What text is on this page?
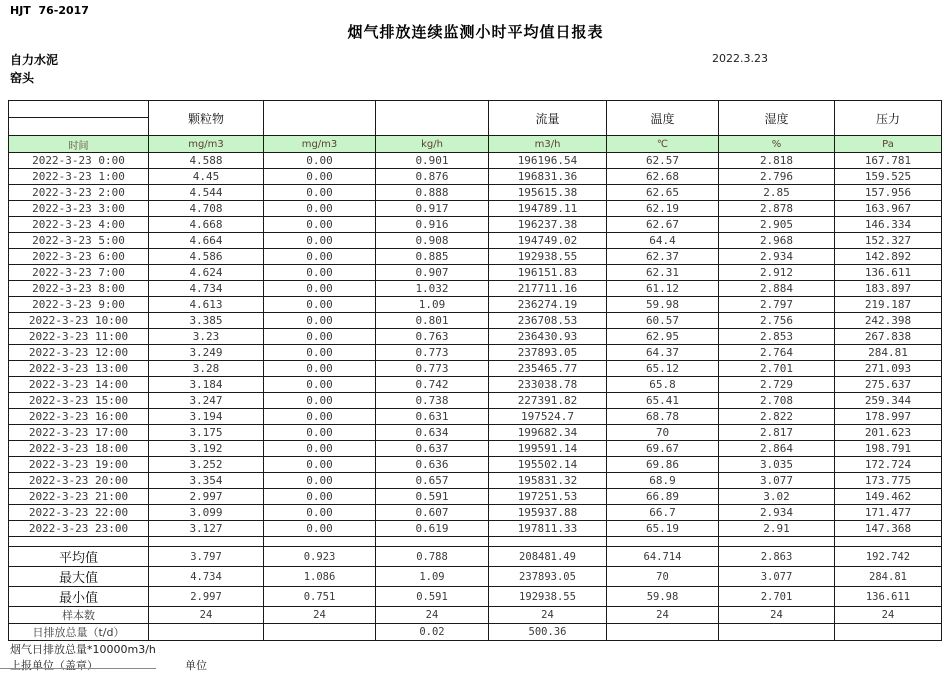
HJT  76-2017
烟气排放连续监测小时平均值日报表
自力水泥
窑头
2022.3.23
	颗粒物			流量	温度	湿度	压力

时间	mg/m3	mg/m3	kg/h	m3/h	℃	%	Pa
2022-3-23 0:00	4.588	0.00	0.901	196196.54	62.57	2.818	167.781
2022-3-23 1:00	4.45	0.00	0.876	196831.36	62.68	2.796	159.525
2022-3-23 2:00	4.544	0.00	0.888	195615.38	62.65	2.85	157.956
2022-3-23 3:00	4.708	0.00	0.917	194789.11	62.19	2.878	163.967
2022-3-23 4:00	4.668	0.00	0.916	196237.38	62.67	2.905	146.334
2022-3-23 5:00	4.664	0.00	0.908	194749.02	64.4	2.968	152.327
2022-3-23 6:00	4.586	0.00	0.885	192938.55	62.37	2.934	142.892
2022-3-23 7:00	4.624	0.00	0.907	196151.83	62.31	2.912	136.611
2022-3-23 8:00	4.734	0.00	1.032	217711.16	61.12	2.884	183.897
2022-3-23 9:00	4.613	0.00	1.09	236274.19	59.98	2.797	219.187
2022-3-23 10:00	3.385	0.00	0.801	236708.53	60.57	2.756	242.398
2022-3-23 11:00	3.23	0.00	0.763	236430.93	62.95	2.853	267.838
2022-3-23 12:00	3.249	0.00	0.773	237893.05	64.37	2.764	284.81
2022-3-23 13:00	3.28	0.00	0.773	235465.77	65.12	2.701	271.093
2022-3-23 14:00	3.184	0.00	0.742	233038.78	65.8	2.729	275.637
2022-3-23 15:00	3.247	0.00	0.738	227391.82	65.41	2.708	259.344
2022-3-23 16:00	3.194	0.00	0.631	197524.7	68.78	2.822	178.997
2022-3-23 17:00	3.175	0.00	0.634	199682.34	70	2.817	201.623
2022-3-23 18:00	3.192	0.00	0.637	199591.14	69.67	2.864	198.791
2022-3-23 19:00	3.252	0.00	0.636	195502.14	69.86	3.035	172.724
2022-3-23 20:00	3.354	0.00	0.657	195831.32	68.9	3.077	173.775
2022-3-23 21:00	2.997	0.00	0.591	197251.53	66.89	3.02	149.462
2022-3-23 22:00	3.099	0.00	0.607	195937.88	66.7	2.934	171.477
2022-3-23 23:00	3.127	0.00	0.619	197811.33	65.19	2.91	147.368

平均值	3.797	0.923	0.788	208481.49	64.714	2.863	192.742
最大值	4.734	1.086	1.09	237893.05	70	3.077	284.81
最小值	2.997	0.751	0.591	192938.55	59.98	2.701	136.611
样本数	24	24	24	24	24	24	24
日排放总量（t/d）			0.02	500.36			
烟气日排放总量*10000m3/h
上报单位（盖章）	单位
